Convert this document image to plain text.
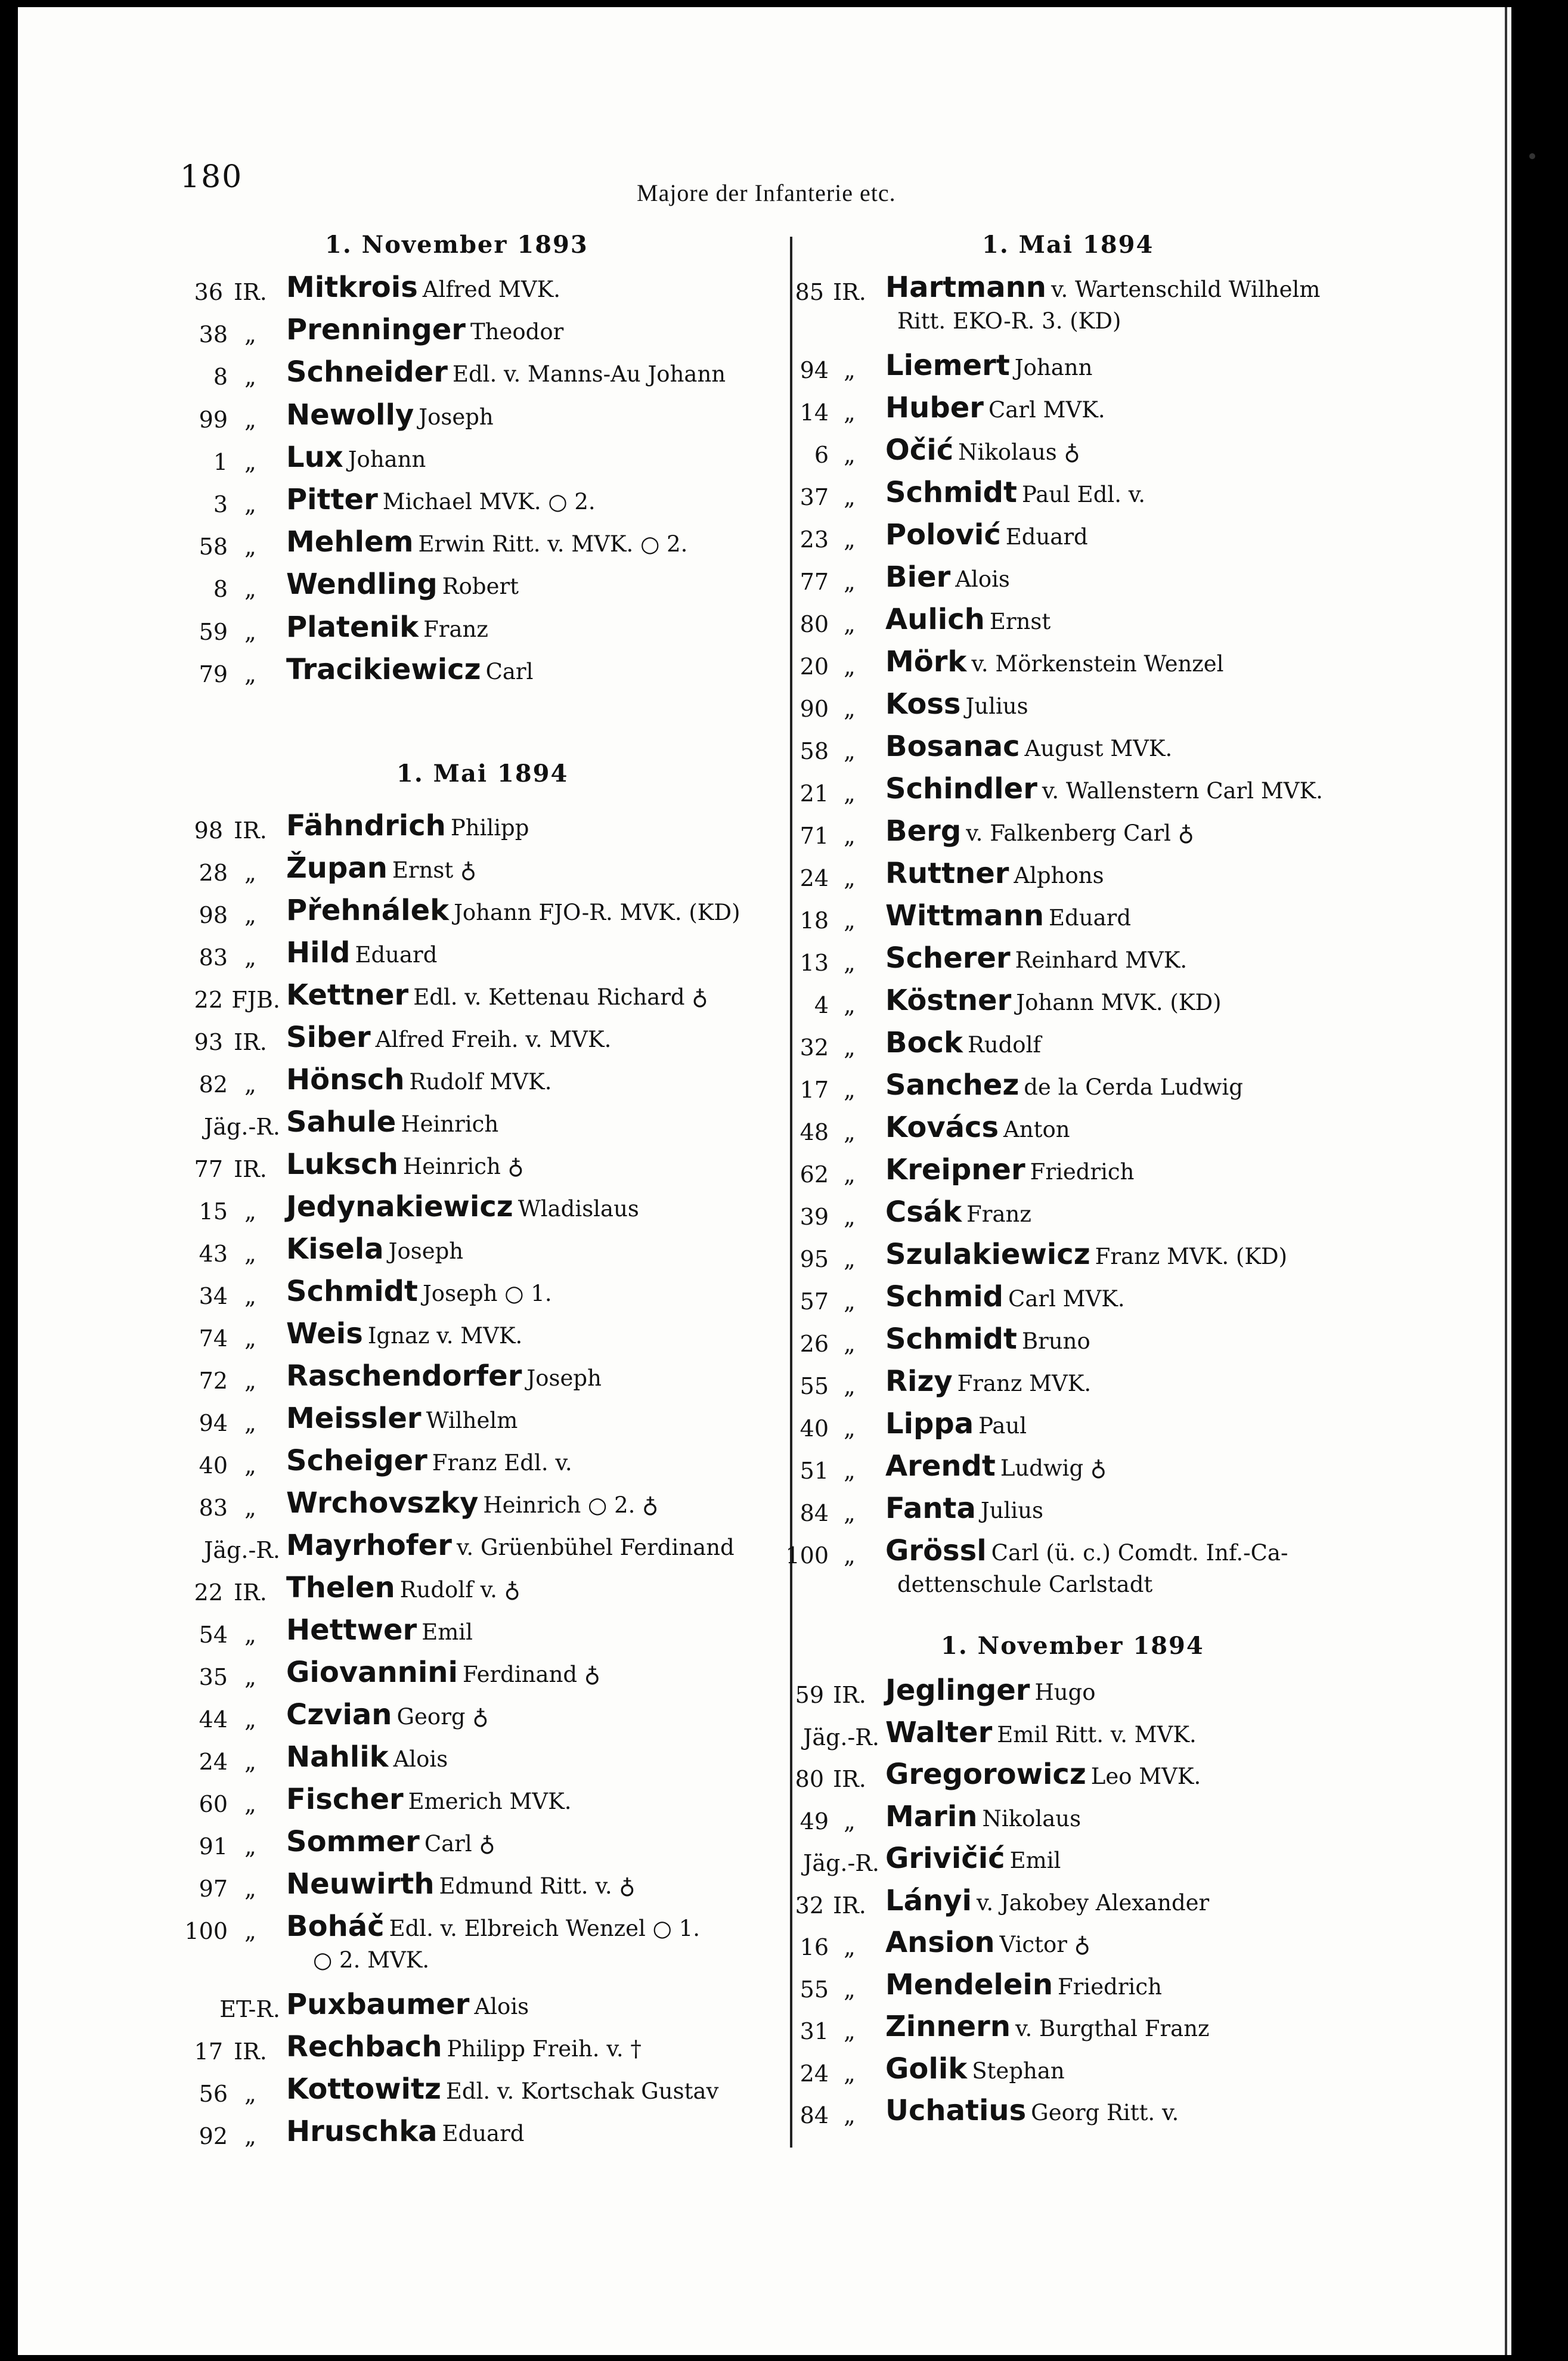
180	Majore der Infanterie etc.
1. November 1893
36 IR. Mitkrois Alfred MVK.
38 „	Prenninger Theodor
8 „	Schneider Edl. v. Manns-Au Johann
99 „	Newolly Joseph
1 „	Lux Johann
3 „	Pitter Michael MVK. ○ 2.
58 „	Mehlem Erwin Ritt. v. MVK. ○ 2.
8 „	Wendling Robert
59 „	Platenik Franz
79 „	Tracikiewicz Carl
1. Mai 1894
98 IR. Fähndrich Philipp
28 „	Župan Ernst ♁
98 „	Přehnálek Johann FJO-R. MVK. (KD)
83 „	Hild Eduard
22 FJB. Kettner Edl. v. Kettenau Richard ♁
93 IR. Siber Alfred Freih. v. MVK.
82 „	Hönsch Rudolf MVK.
Jäg.-R. Sahule Heinrich
77 IR. Luksch Heinrich ♁
15 „	Jedynakiewicz Wladislaus
43 „	Kisela Joseph
34 „	Schmidt Joseph ○ 1.
74 „	Weis Ignaz v. MVK.
72 „	Raschendorfer Joseph
94 „	Meissler Wilhelm
40 „	Scheiger Franz Edl. v.
83 „	Wrchovszky Heinrich ○ 2. ♁
Jäg.-R. Mayrhofer v. Grüenbühel Ferdinand
22 IR. Thelen Rudolf v. ♁
54 „	Hettwer Emil
35 „	Giovannini Ferdinand ♁
44 „	Czvian Georg ♁
24 „	Nahlik Alois
60 „	Fischer Emerich MVK.
91 „	Sommer Carl ♁
97 „	Neuwirth Edmund Ritt. v. ♁
100 „	Boháč Edl. v. Elbreich Wenzel ○ 1.
○ 2. MVK.
ET-R. Puxbaumer Alois
17 IR. Rechbach Philipp Freih. v. †
56 „	Kottowitz Edl. v. Kortschak Gustav
92 „	Hruschka Eduard
1. Mai 1894
85 IR. Hartmann v. Wartenschild Wilhelm
Ritt. EKO-R. 3. (KD)
94 „	Liemert Johann
14 „	Huber Carl MVK.
6 „	Očić Nikolaus ♁
37 „	Schmidt Paul Edl. v.
23 „	Polović Eduard
77 „	Bier Alois
80 „	Aulich Ernst
20 „	Mörk v. Mörkenstein Wenzel
90 „	Koss Julius
58 „	Bosanac August MVK.
21 „	Schindler v. Wallenstern Carl MVK.
71 „	Berg v. Falkenberg Carl ♁
24 „	Ruttner Alphons
18 „	Wittmann Eduard
13 „	Scherer Reinhard MVK.
4 „	Köstner Johann MVK. (KD)
32 „	Bock Rudolf
17 „	Sanchez de la Cerda Ludwig
48 „	Kovács Anton
62 „	Kreipner Friedrich
39 „	Csák Franz
95 „	Szulakiewicz Franz MVK. (KD)
57 „	Schmid Carl MVK.
26 „	Schmidt Bruno
55 „	Rizy Franz MVK.
40 „	Lippa Paul
51 „	Arendt Ludwig ♁
84 „	Fanta Julius
100 „	Grössl Carl (ü. c.) Comdt. Inf.-Ca-
dettenschule Carlstadt
1. November 1894
59 IR. Jeglinger Hugo
Jäg.-R. Walter Emil Ritt. v. MVK.
80 IR. Gregorowicz Leo MVK.
49 „	Marin Nikolaus
Jäg.-R. Grivičić Emil
32 IR. Lányi v. Jakobey Alexander
16 „	Ansion Victor ♁
55 „	Mendelein Friedrich
31 „	Zinnern v. Burgthal Franz
24 „	Golik Stephan
84 „	Uchatius Georg Ritt. v.
